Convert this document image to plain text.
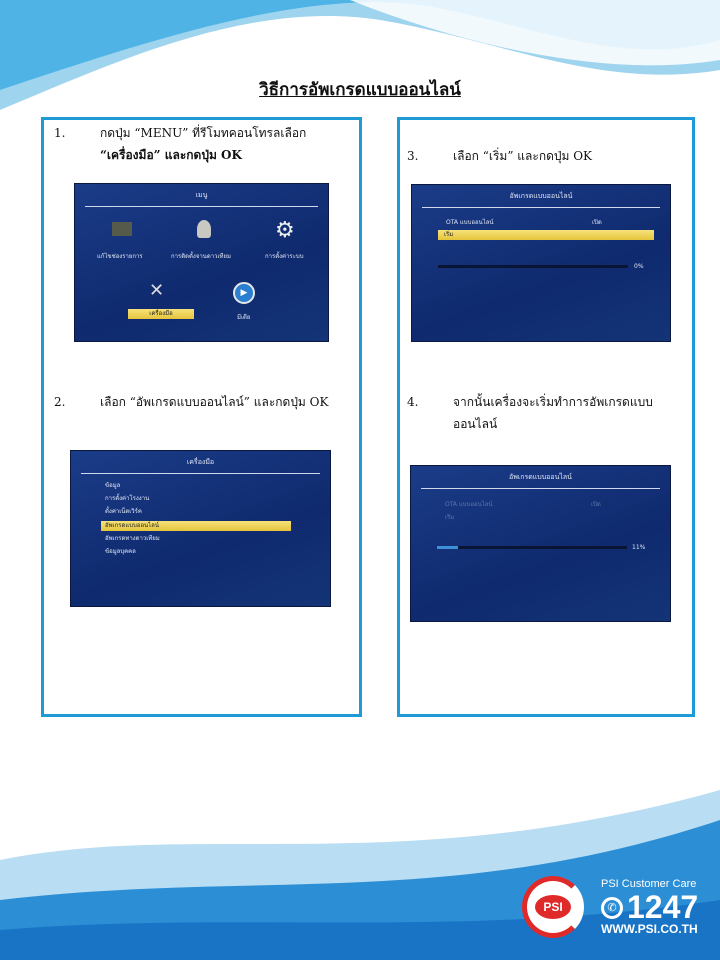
วิธีการอัพเกรดแบบออนไลน์
1.	กดปุ่ม “MENU” ที่รีโมทคอนโทรลเลือก
“เครื่องมือ” และกดปุ่ม OK
เมนู
⚙
แก้ไขช่องรายการ	การติดตั้งจานดาวเทียม	การตั้งค่าระบบ
✕
เครื่องมือ
▶
มีเดีย
2.	เลือก “อัพเกรดแบบออนไลน์” และกดปุ่ม OK
เครื่องมือ
ข้อมูล
การตั้งค่าโรงงาน
ตั้งค่าเน็ตเวิร์ค
อัพเกรดแบบออนไลน์
อัพเกรดทางดาวเทียม
ข้อมูลบุคคล
3.	เลือก “เริ่ม” และกดปุ่ม OK
อัพเกรดแบบออนไลน์
OTA แบบออนไลน์	เปิด
เริ่ม
0%
4.	จากนั้นเครื่องจะเริ่มทำการอัพเกรดแบบ
ออนไลน์
อัพเกรดแบบออนไลน์
OTA แบบออนไลน์	เปิด
เริ่ม
11%
PSI
PSI Customer Care
✆ 1247
WWW.PSI.CO.TH
